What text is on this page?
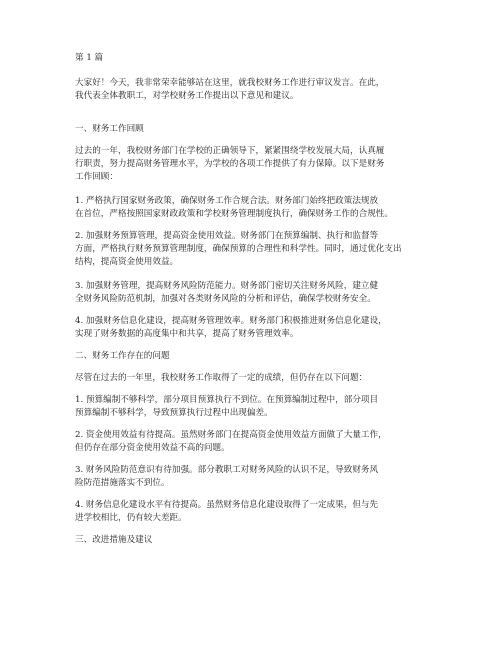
第 1 篇

大家好！今天，我非常荣幸能够站在这里，就我校财务工作进行审议发言。在此，

我代表全体教职工，对学校财务工作提出以下意见和建议。

一、财务工作回顾

过去的一年，我校财务部门在学校的正确领导下，紧紧围绕学校发展大局，认真履

行职责，努力提高财务管理水平，为学校的各项工作提供了有力保障。以下是财务

工作回顾：

1. 严格执行国家财务政策，确保财务工作合规合法。财务部门始终把政策法规放

在首位，严格按照国家财政政策和学校财务管理制度执行，确保财务工作的合规性。

2. 加强财务预算管理，提高资金使用效益。财务部门在预算编制、执行和监督等

方面，严格执行财务预算管理制度，确保预算的合理性和科学性。同时，通过优化支出

结构，提高资金使用效益。

3. 加强财务管理，提高财务风险防范能力。财务部门密切关注财务风险，建立健

全财务风险防范机制，加强对各类财务风险的分析和评估，确保学校财务安全。

4. 加强财务信息化建设，提高财务管理效率。财务部门积极推进财务信息化建设，

实现了财务数据的高度集中和共享，提高了财务管理效率。

二、财务工作存在的问题

尽管在过去的一年里，我校财务工作取得了一定的成绩，但仍存在以下问题：

1. 预算编制不够科学，部分项目预算执行不到位。在预算编制过程中，部分项目

预算编制不够科学，导致预算执行过程中出现偏差。

2. 资金使用效益有待提高。虽然财务部门在提高资金使用效益方面做了大量工作，

但仍存在部分资金使用效益不高的问题。

3. 财务风险防范意识有待加强。部分教职工对财务风险的认识不足，导致财务风

险防范措施落实不到位。

4. 财务信息化建设水平有待提高。虽然财务信息化建设取得了一定成果，但与先

进学校相比，仍有较大差距。

三、改进措施及建议
